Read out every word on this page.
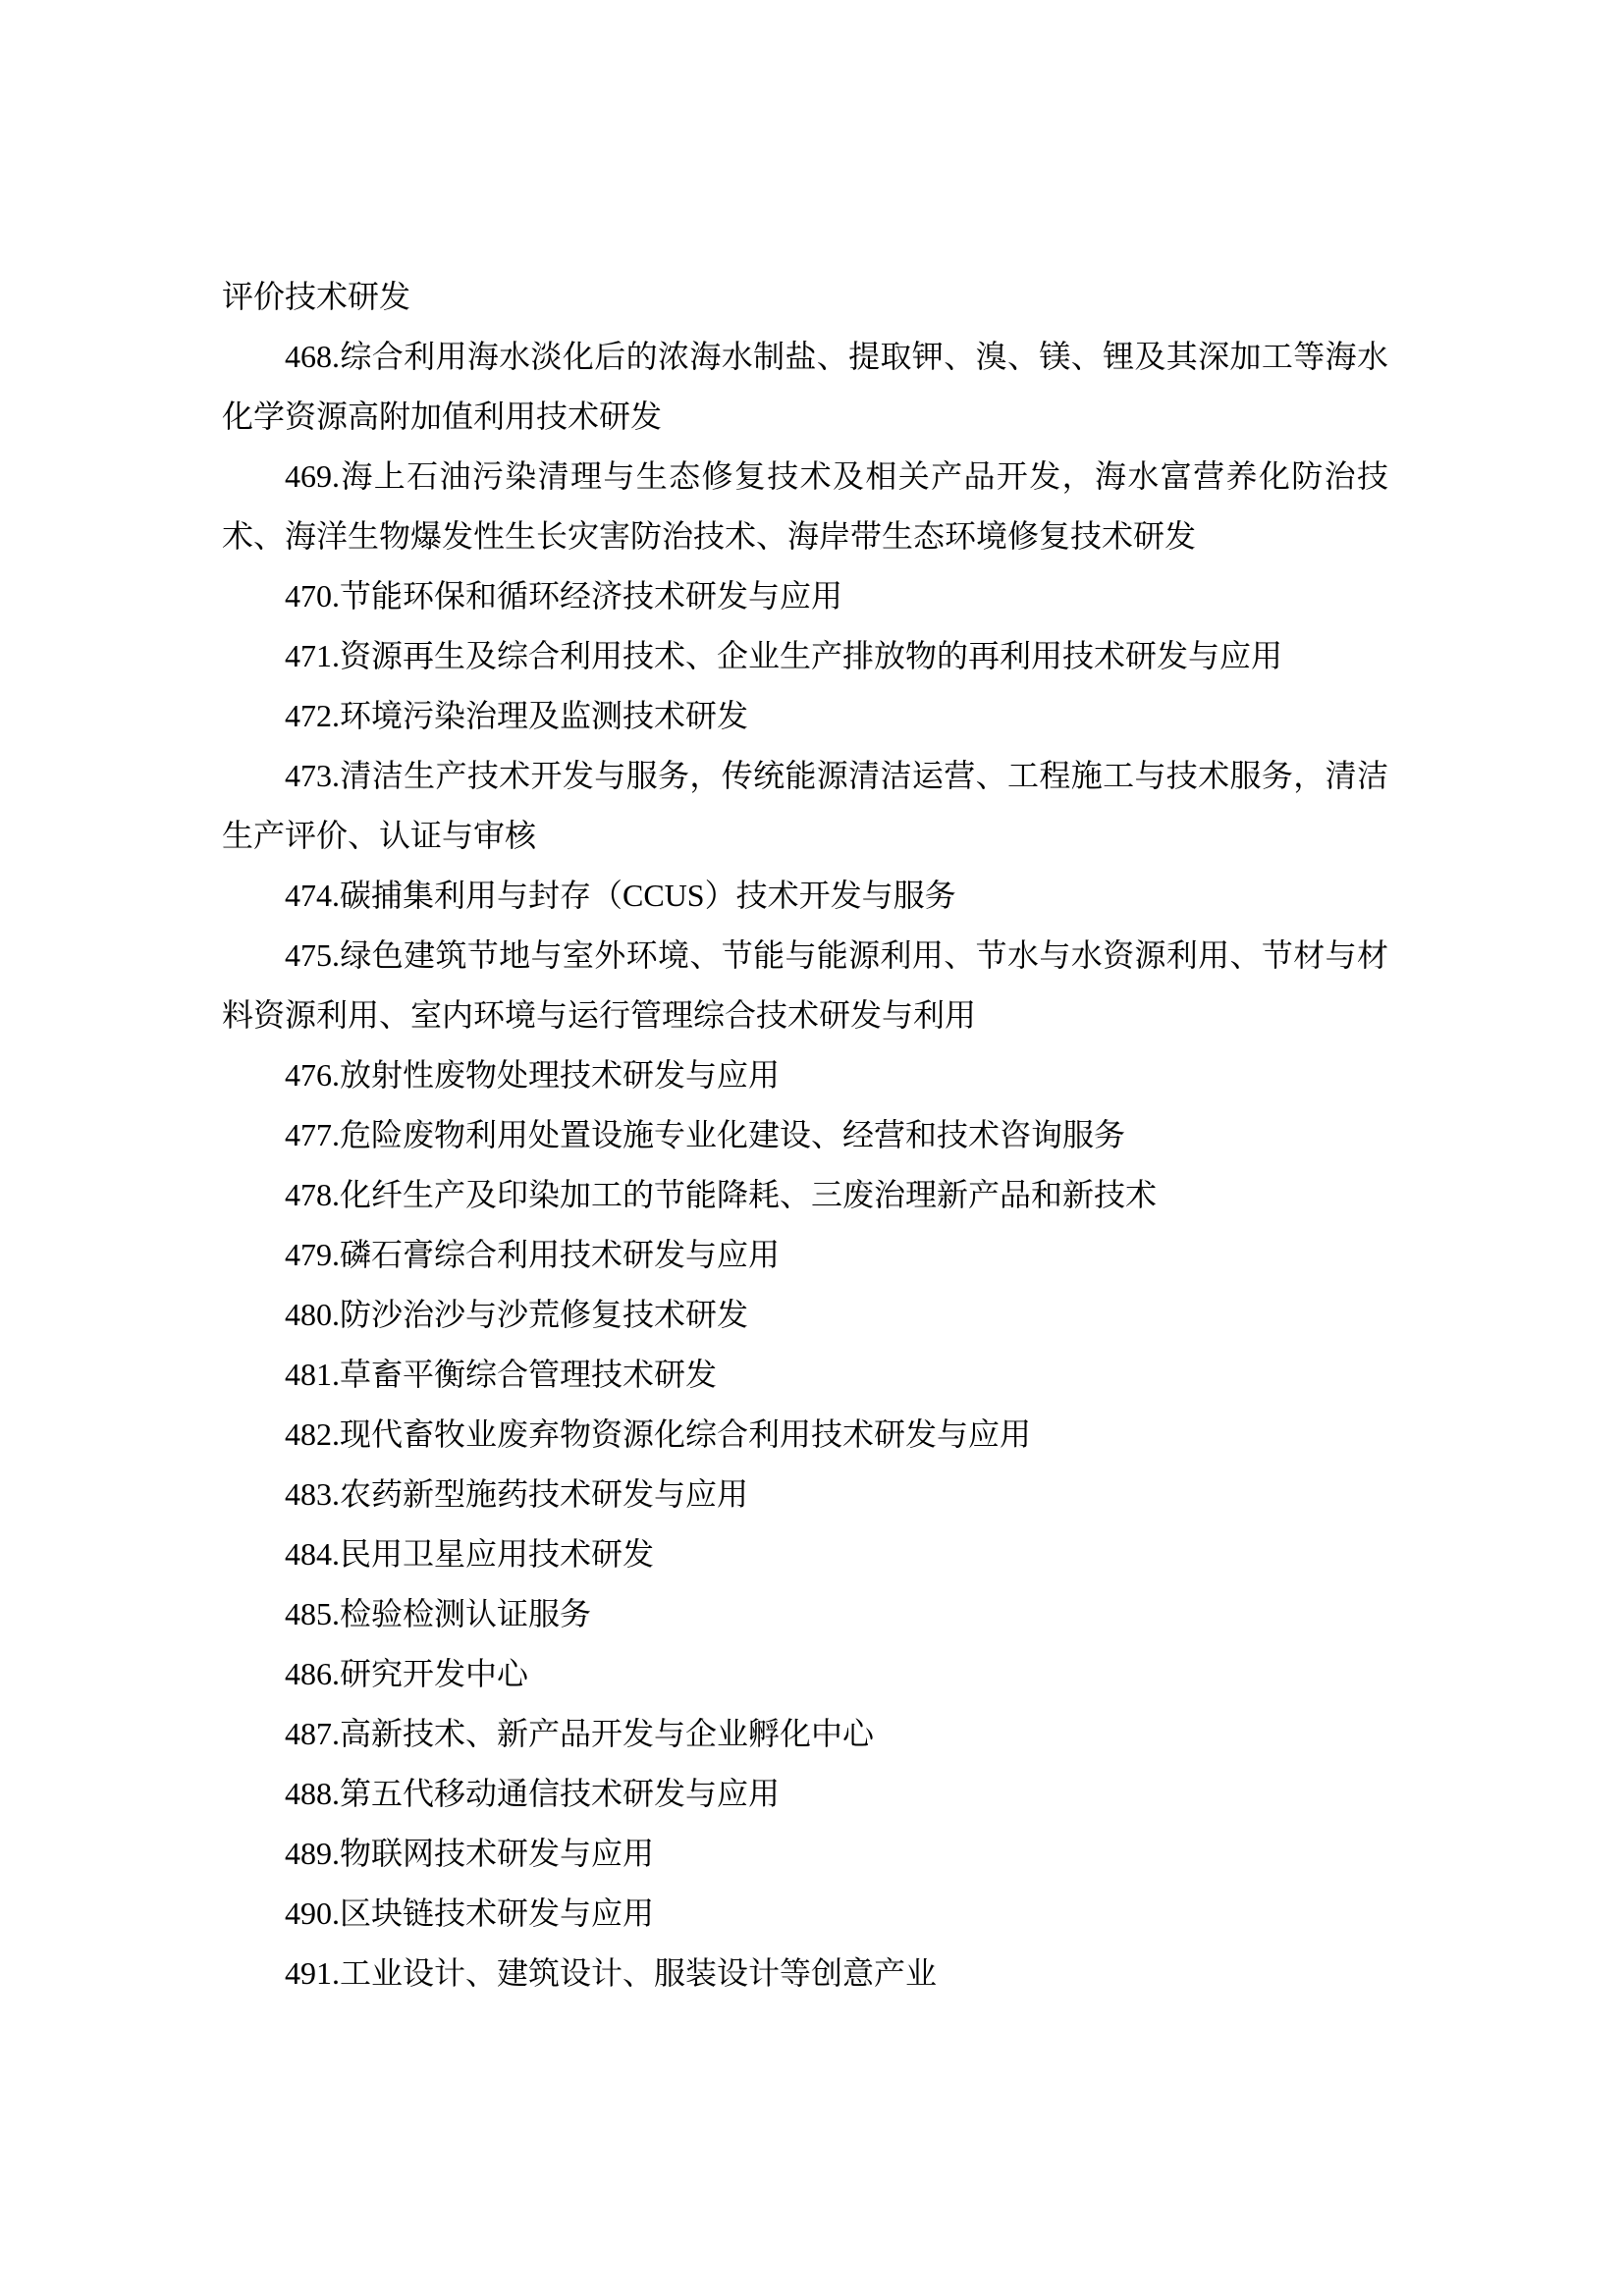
评价技术研发

468.综合利用海水淡化后的浓海水制盐、提取钾、溴、镁、锂及其深加工等海水化学资源高附加值利用技术研发

469.海上石油污染清理与生态修复技术及相关产品开发，海水富营养化防治技术、海洋生物爆发性生长灾害防治技术、海岸带生态环境修复技术研发

470.节能环保和循环经济技术研发与应用

471.资源再生及综合利用技术、企业生产排放物的再利用技术研发与应用

472.环境污染治理及监测技术研发

473.清洁生产技术开发与服务，传统能源清洁运营、工程施工与技术服务，清洁生产评价、认证与审核

474.碳捕集利用与封存（CCUS）技术开发与服务

475.绿色建筑节地与室外环境、节能与能源利用、节水与水资源利用、节材与材料资源利用、室内环境与运行管理综合技术研发与利用

476.放射性废物处理技术研发与应用

477.危险废物利用处置设施专业化建设、经营和技术咨询服务

478.化纤生产及印染加工的节能降耗、三废治理新产品和新技术

479.磷石膏综合利用技术研发与应用

480.防沙治沙与沙荒修复技术研发

481.草畜平衡综合管理技术研发

482.现代畜牧业废弃物资源化综合利用技术研发与应用

483.农药新型施药技术研发与应用

484.民用卫星应用技术研发

485.检验检测认证服务

486.研究开发中心

487.高新技术、新产品开发与企业孵化中心

488.第五代移动通信技术研发与应用

489.物联网技术研发与应用

490.区块链技术研发与应用

491.工业设计、建筑设计、服装设计等创意产业
